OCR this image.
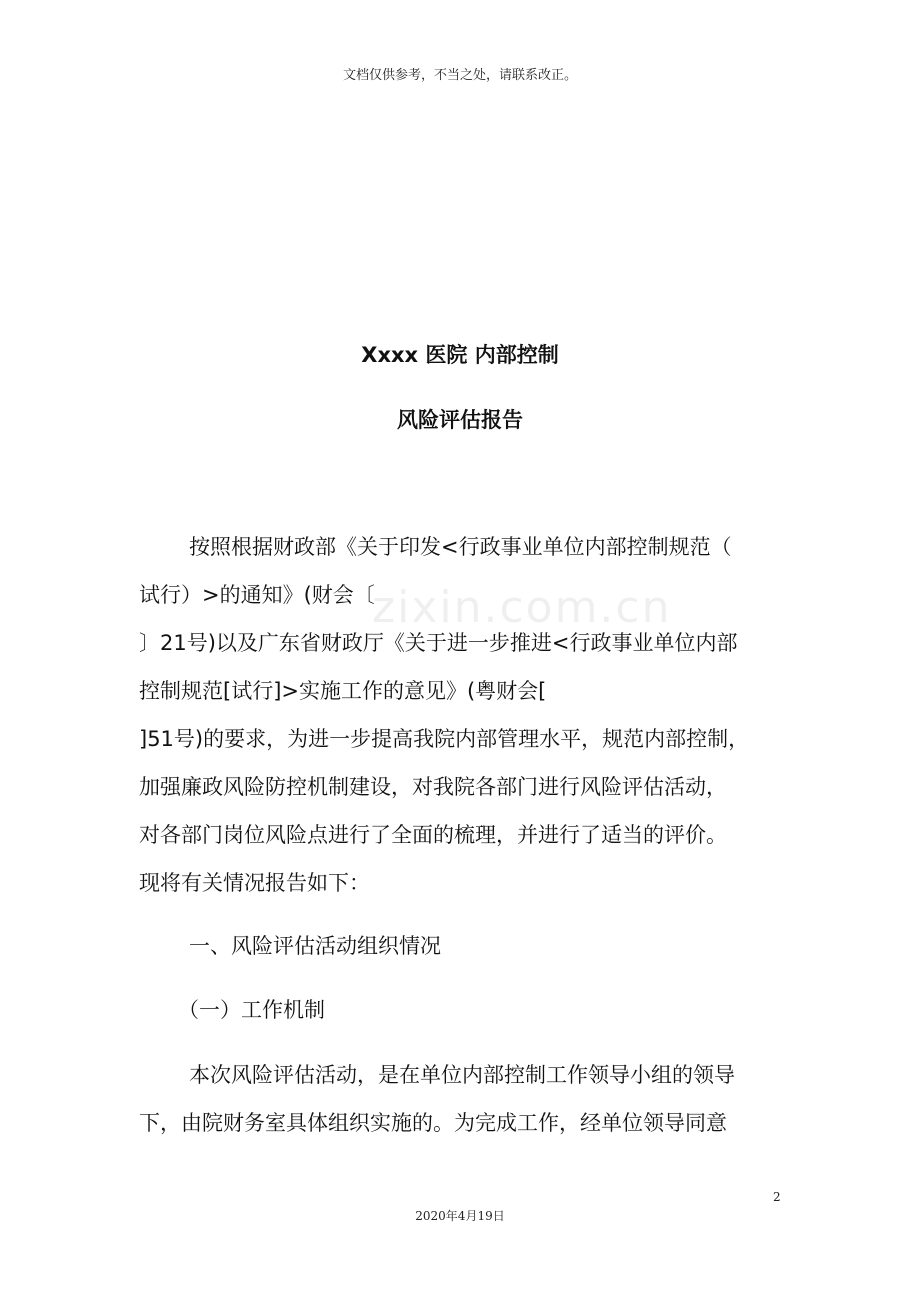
文档仅供参考，不当之处，请联系改正。
zixin.com.cn
Xxxx 医院 内部控制
风险评估报告
按照根据财政部《关于印发<行政事业单位内部控制规范（
试行）>的通知》(财会〔
〕21号)以及广东省财政厅《关于进一步推进<行政事业单位内部
控制规范[试行]>实施工作的意见》(粤财会[
]51号)的要求，为进一步提高我院内部管理水平，规范内部控制，
加强廉政风险防控机制建设，对我院各部门进行风险评估活动，
对各部门岗位风险点进行了全面的梳理，并进行了适当的评价。
现将有关情况报告如下：
一、风险评估活动组织情况
（一）工作机制
本次风险评估活动，是在单位内部控制工作领导小组的领导
下，由院财务室具体组织实施的。为完成工作，经单位领导同意
2
2020年4月19日
